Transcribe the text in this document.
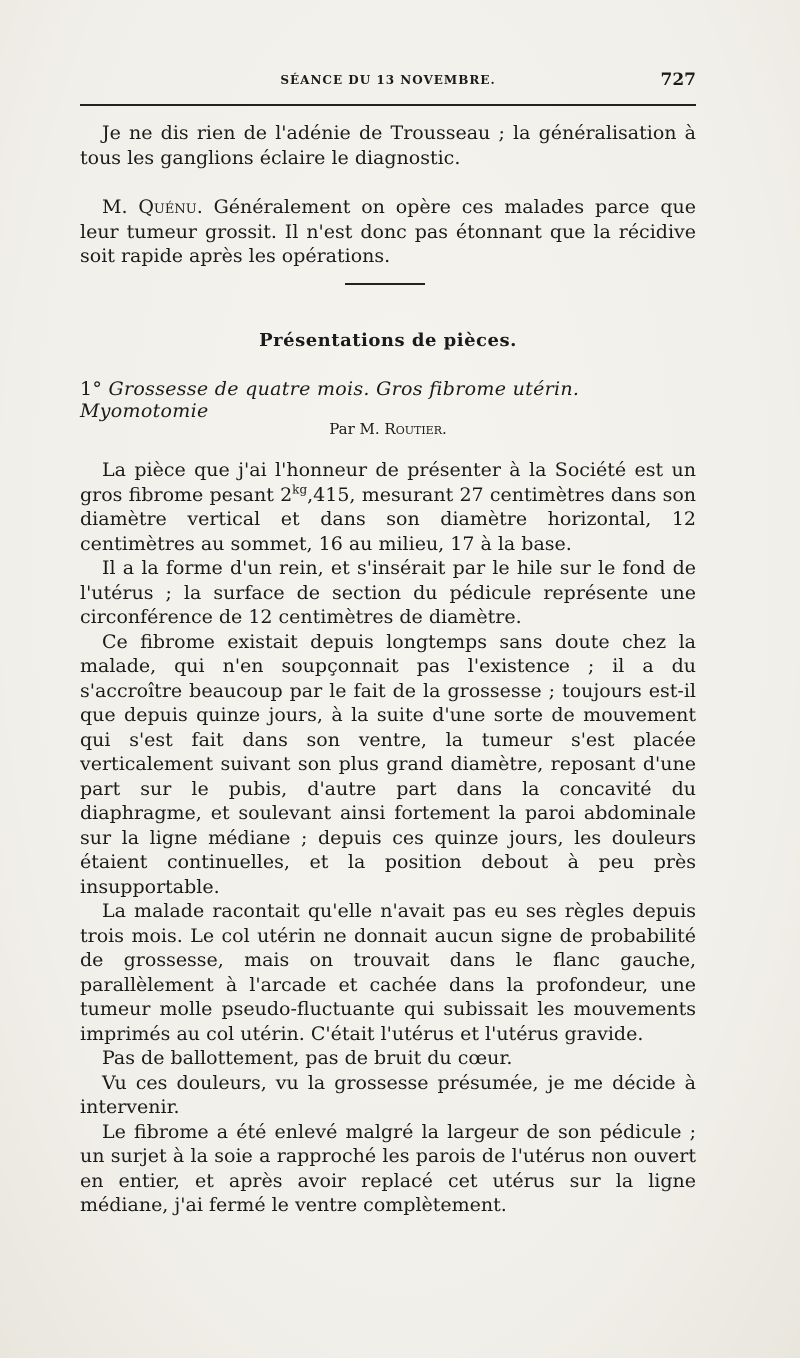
SÉANCE DU 13 NOVEMBRE.	727

Je ne dis rien de l'adénie de Trousseau ; la généralisation à tous les ganglions éclaire le diagnostic.

M. Quénu. Généralement on opère ces malades parce que leur tumeur grossit. Il n'est donc pas étonnant que la récidive soit rapide après les opérations.

Présentations de pièces.
1° Grossesse de quatre mois. Gros fibrome utérin. Myomotomie
Par M. Routier.

La pièce que j'ai l'honneur de présenter à la Société est un gros fibrome pesant $2^{kg},415$, mesurant 27 centimètres dans son diamètre vertical et dans son diamètre horizontal, 12 centimètres au sommet, 16 au milieu, 17 à la base.

Il a la forme d'un rein, et s'insérait par le hile sur le fond de l'utérus ; la surface de section du pédicule représente une circonférence de 12 centimètres de diamètre.

Ce fibrome existait depuis longtemps sans doute chez la malade, qui n'en soupçonnait pas l'existence ; il a du s'accroître beaucoup par le fait de la grossesse ; toujours est-il que depuis quinze jours, à la suite d'une sorte de mouvement qui s'est fait dans son ventre, la tumeur s'est placée verticalement suivant son plus grand diamètre, reposant d'une part sur le pubis, d'autre part dans la concavité du diaphragme, et soulevant ainsi fortement la paroi abdominale sur la ligne médiane ; depuis ces quinze jours, les douleurs étaient continuelles, et la position debout à peu près insupportable.

La malade racontait qu'elle n'avait pas eu ses règles depuis trois mois. Le col utérin ne donnait aucun signe de probabilité de grossesse, mais on trouvait dans le flanc gauche, parallèlement à l'arcade et cachée dans la profondeur, une tumeur molle pseudo-fluctuante qui subissait les mouvements imprimés au col utérin. C'était l'utérus et l'utérus gravide.

Pas de ballottement, pas de bruit du cœur.

Vu ces douleurs, vu la grossesse présumée, je me décide à intervenir.

Le fibrome a été enlevé malgré la largeur de son pédicule ; un surjet à la soie a rapproché les parois de l'utérus non ouvert en entier, et après avoir replacé cet utérus sur la ligne médiane, j'ai fermé le ventre complètement.
